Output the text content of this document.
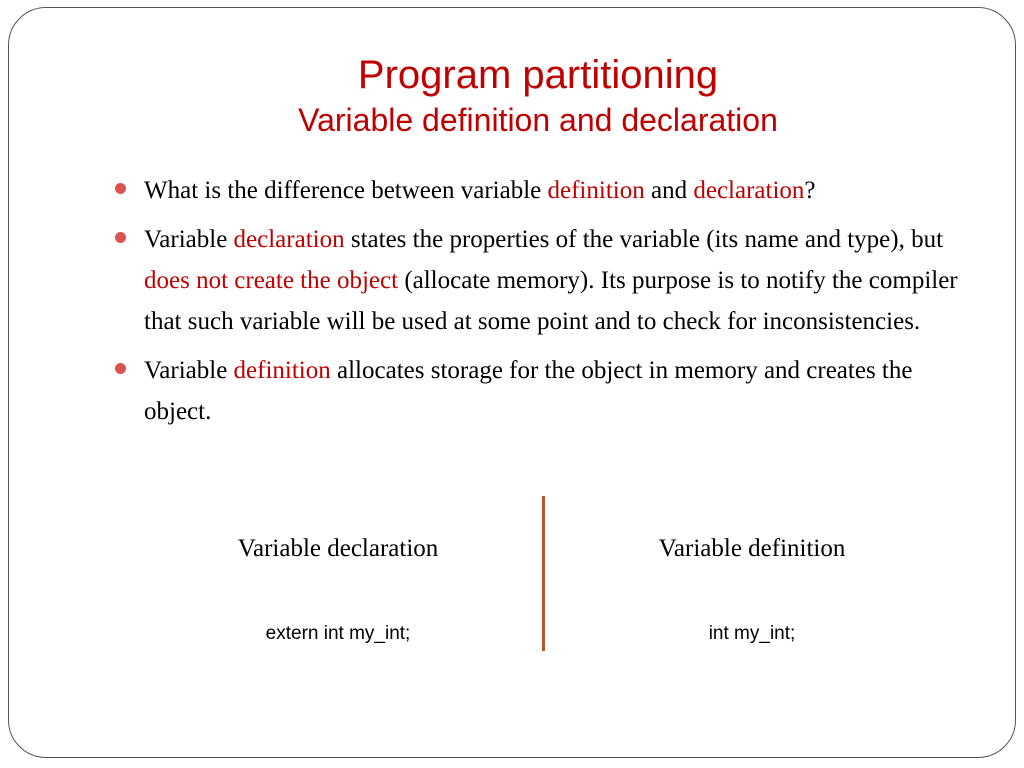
Program partitioning
Variable definition and declaration
What is the difference between variable definition and declaration?
Variable declaration states the properties of the variable (its name and type), but does not create the object (allocate memory). Its purpose is to notify the compiler that such variable will be used at some point and to check for inconsistencies.
Variable definition allocates storage for the object in memory and creates the object.
Variable declaration	Variable definition
extern int my_int;	int my_int;
